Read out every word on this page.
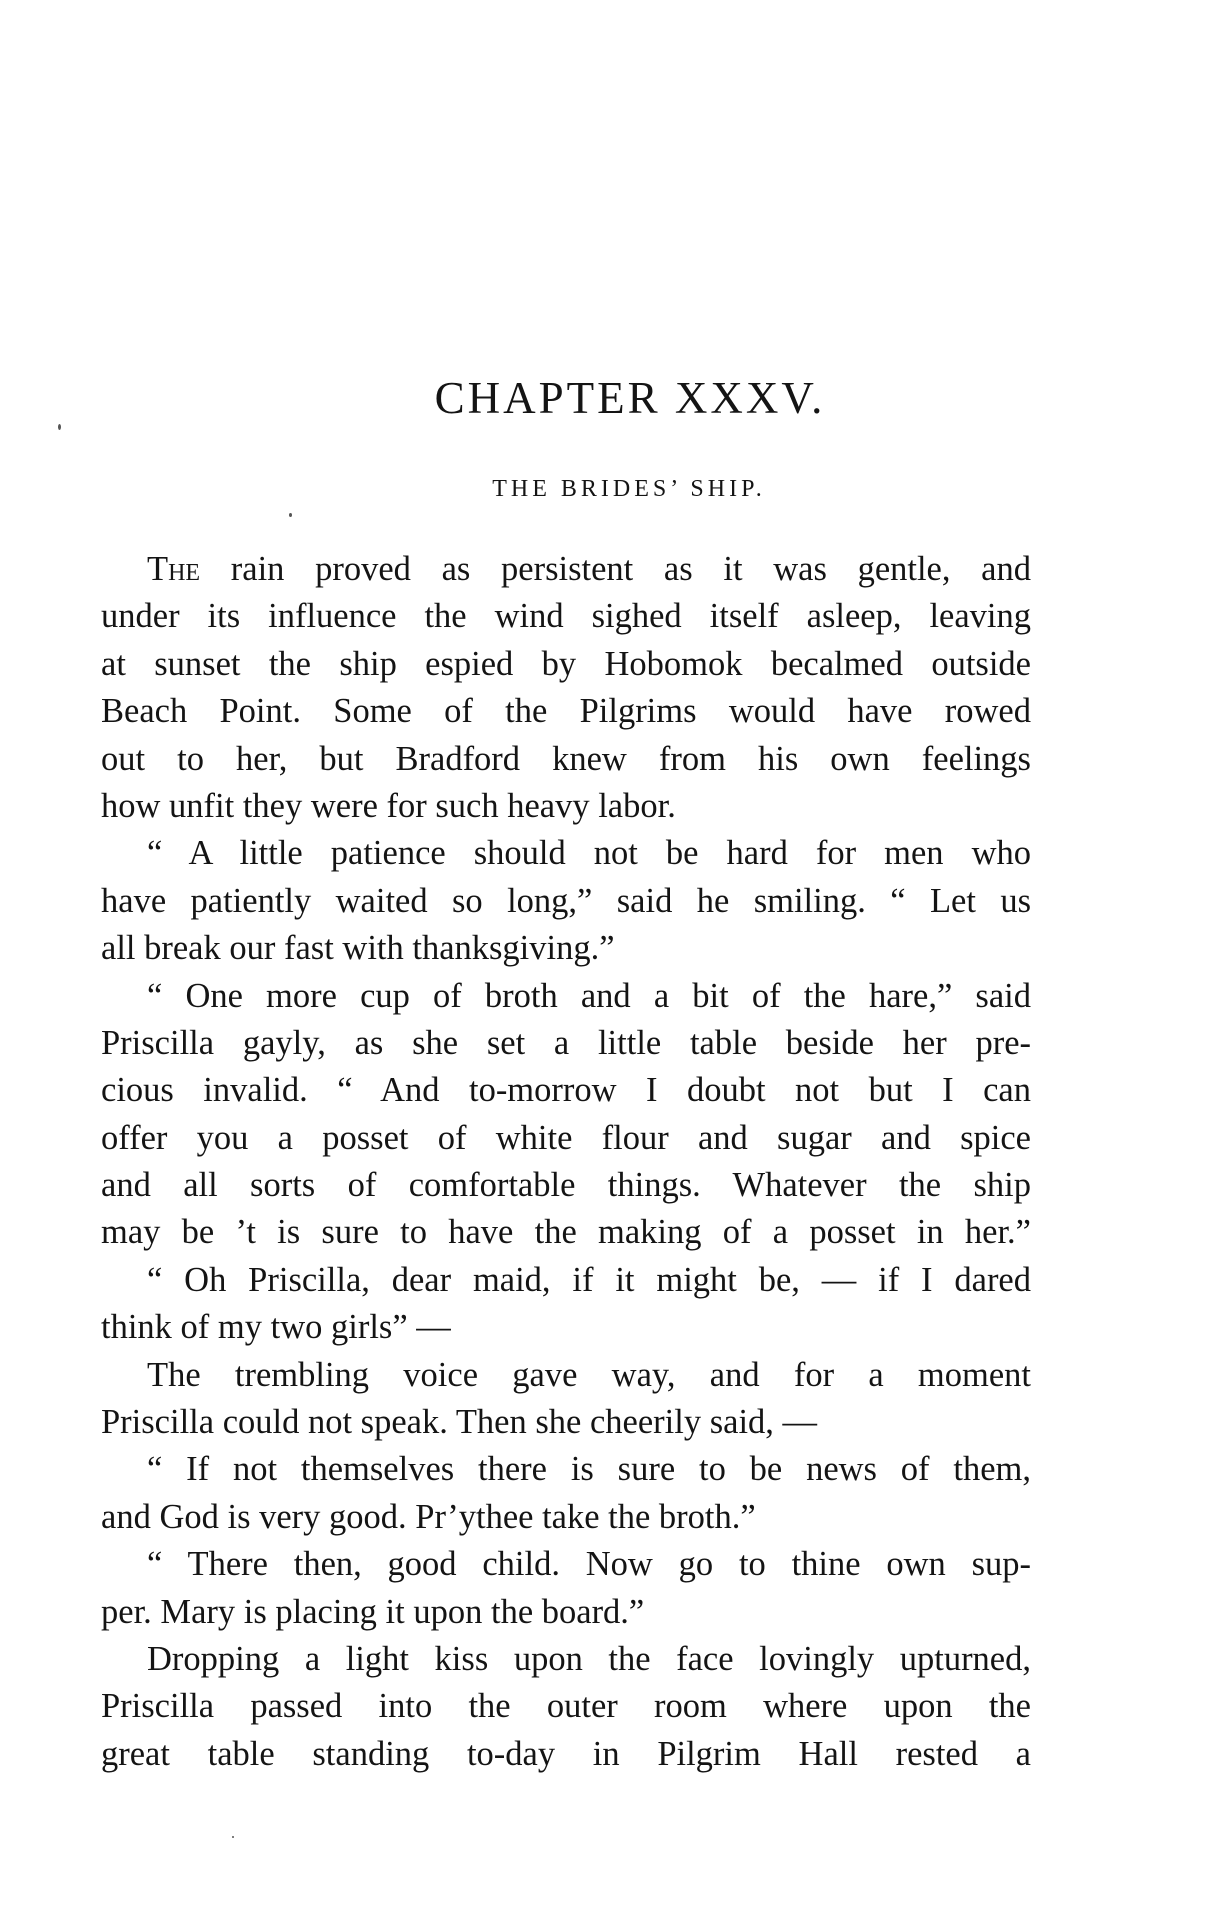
CHAPTER XXXV.
THE BRIDES’ SHIP.
The rain proved as persistent as it was gentle, and
under its influence the wind sighed itself asleep, leaving
at sunset the ship espied by Hobomok becalmed outside
Beach Point. Some of the Pilgrims would have rowed
out to her, but Bradford knew from his own feelings
how unfit they were for such heavy labor.
“ A little patience should not be hard for men who
have patiently waited so long,” said he smiling. “ Let us
all break our fast with thanksgiving.”
“ One more cup of broth and a bit of the hare,” said
Priscilla gayly, as she set a little table beside her pre-
cious invalid. “ And to-morrow I doubt not but I can
offer you a posset of white flour and sugar and spice
and all sorts of comfortable things. Whatever the ship
may be ’t is sure to have the making of a posset in her.”
“ Oh Priscilla, dear maid, if it might be, — if I dared
think of my two girls” —
The trembling voice gave way, and for a moment
Priscilla could not speak. Then she cheerily said, —
“ If not themselves there is sure to be news of them,
and God is very good. Pr’ythee take the broth.”
“ There then, good child. Now go to thine own sup-
per. Mary is placing it upon the board.”
Dropping a light kiss upon the face lovingly upturned,
Priscilla passed into the outer room where upon the
great table standing to-day in Pilgrim Hall rested a
